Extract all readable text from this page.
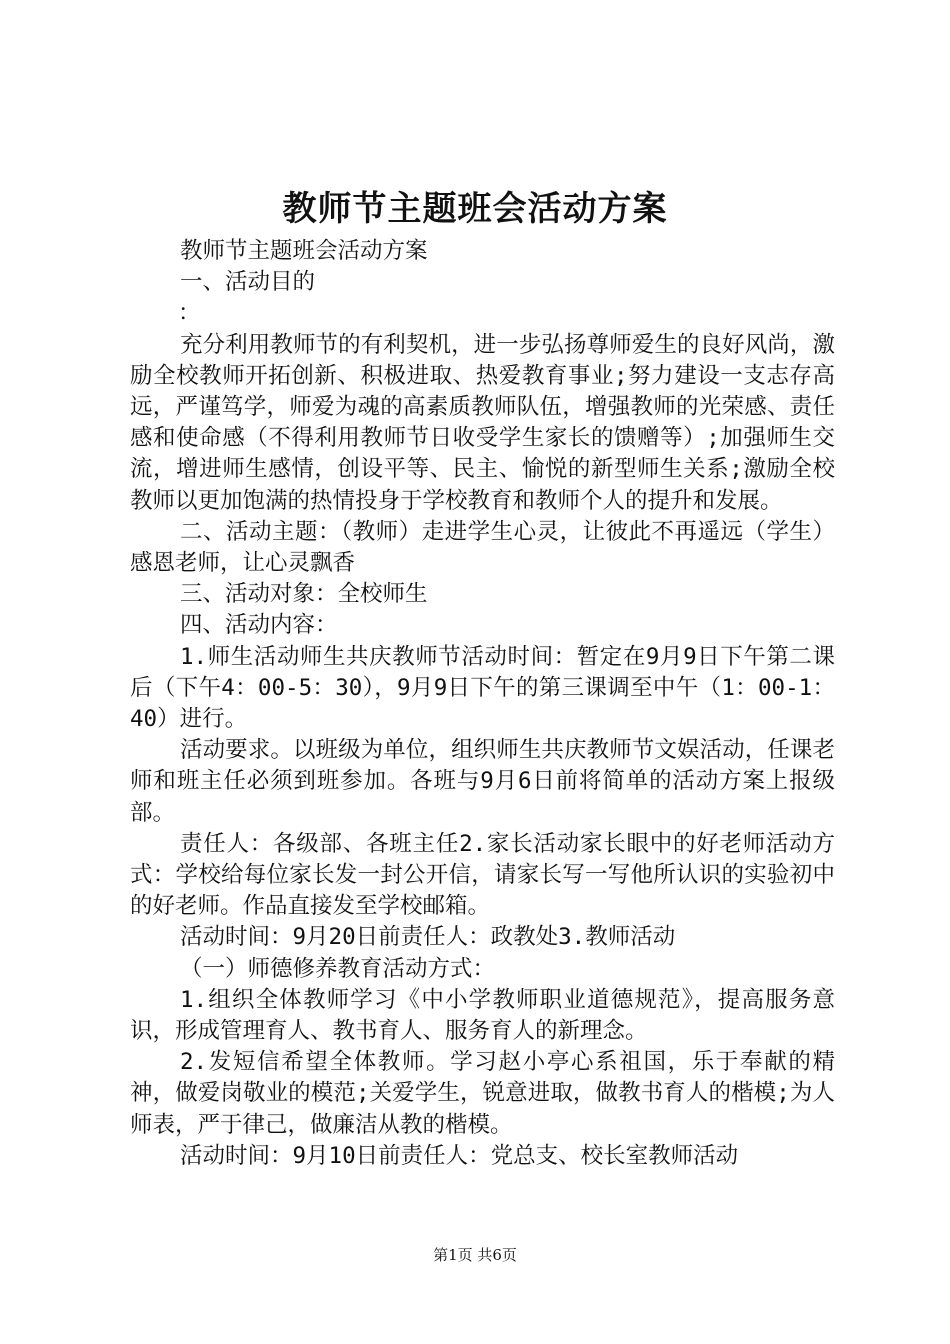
教师节主题班会活动方案

教师节主题班会活动方案

一、活动目的

：

充分利用教师节的有利契机，进一步弘扬尊师爱生的良好风尚，激励全校教师开拓创新、积极进取、热爱教育事业;努力建设一支志存高远，严谨笃学，师爱为魂的高素质教师队伍，增强教师的光荣感、责任感和使命感（不得利用教师节日收受学生家长的馈赠等）;加强师生交流，增进师生感情，创设平等、民主、愉悦的新型师生关系;激励全校教师以更加饱满的热情投身于学校教育和教师个人的提升和发展。

二、活动主题：（教师）走进学生心灵，让彼此不再遥远（学生）感恩老师，让心灵飘香

三、活动对象：全校师生

四、活动内容：

1.师生活动师生共庆教师节活动时间：暂定在9月9日下午第二课后（下午4：00-5：30），9月9日下午的第三课调至中午（1：00-1：40）进行。

活动要求。以班级为单位，组织师生共庆教师节文娱活动，任课老师和班主任必须到班参加。各班与9月6日前将简单的活动方案上报级部。

责任人：各级部、各班主任2.家长活动家长眼中的好老师活动方式：学校给每位家长发一封公开信，请家长写一写他所认识的实验初中的好老师。作品直接发至学校邮箱。

活动时间：9月20日前责任人：政教处3.教师活动

（一）师德修养教育活动方式：

1.组织全体教师学习《中小学教师职业道德规范》，提高服务意识，形成管理育人、教书育人、服务育人的新理念。

2.发短信希望全体教师。学习赵小亭心系祖国，乐于奉献的精神，做爱岗敬业的模范;关爱学生，锐意进取，做教书育人的楷模;为人师表，严于律己，做廉洁从教的楷模。

活动时间：9月10日前责任人：党总支、校长室教师活动

第1页 共6页
